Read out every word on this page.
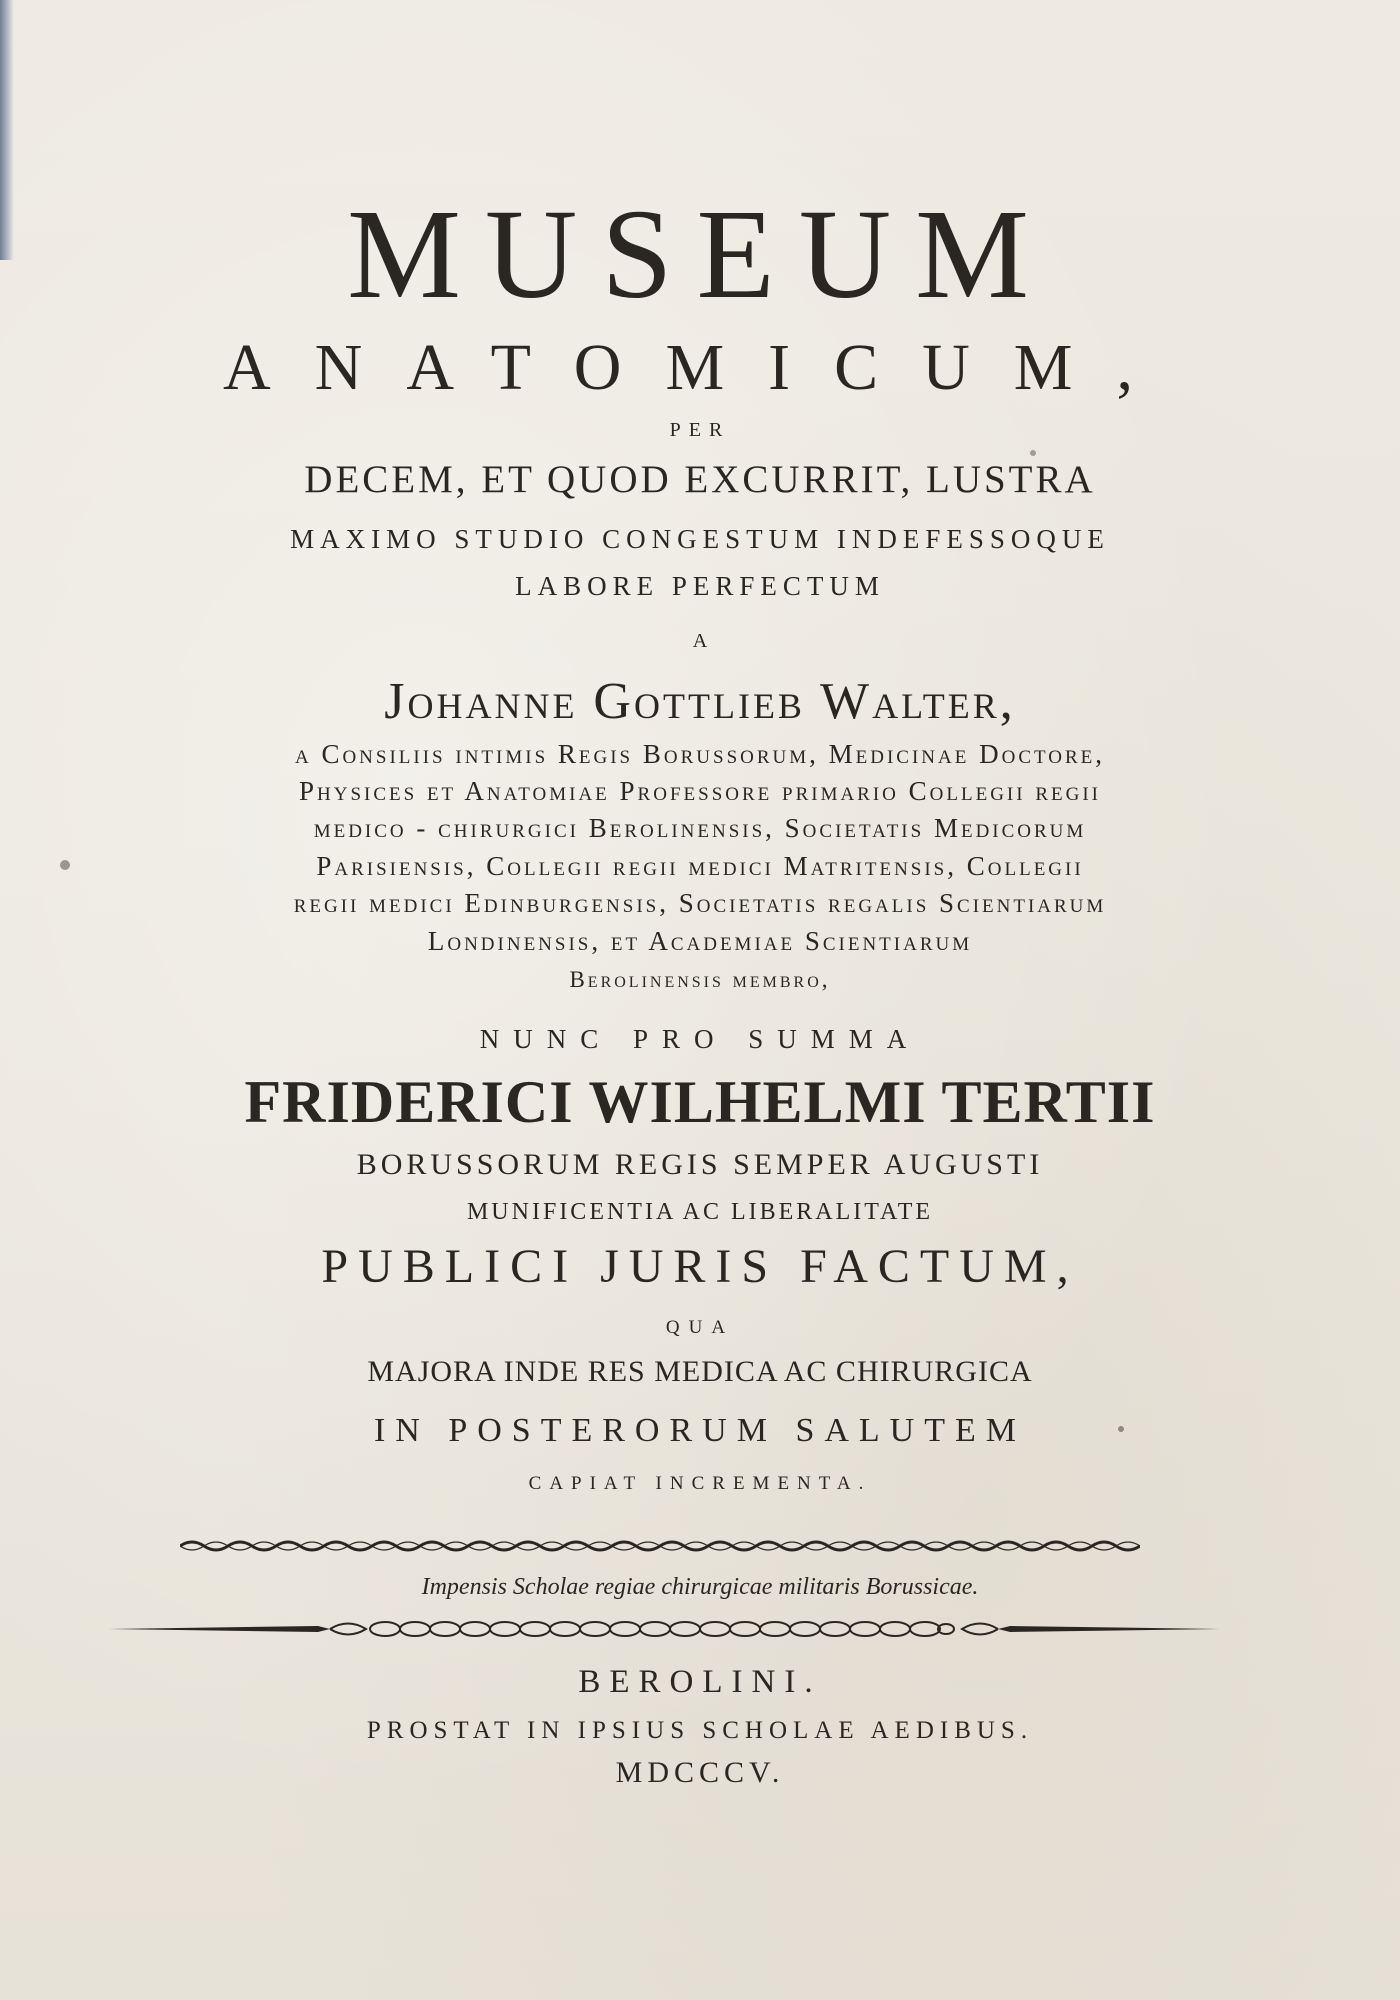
MUSEUM
ANATOMICUM,
PER
DECEM, ET QUOD EXCURRIT, LUSTRA
MAXIMO STUDIO CONGESTUM INDEFESSOQUE
LABORE PERFECTUM
A
Johanne Gottlieb Walter,
a Consiliis intimis Regis Borussorum, Medicinae Doctore,
Physices et Anatomiae Professore primario Collegii regii
medico - chirurgici Berolinensis, Societatis Medicorum
Parisiensis, Collegii regii medici Matritensis, Collegii
regii medici Edinburgensis, Societatis regalis Scientiarum
Londinensis, et Academiae Scientiarum
Berolinensis membro,
NUNC PRO SUMMA
FRIDERICI WILHELMI TERTII
BORUSSORUM REGIS SEMPER AUGUSTI
MUNIFICENTIA AC LIBERALITATE
PUBLICI JURIS FACTUM,
QUA
MAJORA INDE RES MEDICA AC CHIRURGICA
IN POSTERORUM SALUTEM
CAPIAT INCREMENTA.
Impensis Scholae regiae chirurgicae militaris Borussicae.
BEROLINI.
PROSTAT IN IPSIUS SCHOLAE AEDIBUS.
MDCCCV.
